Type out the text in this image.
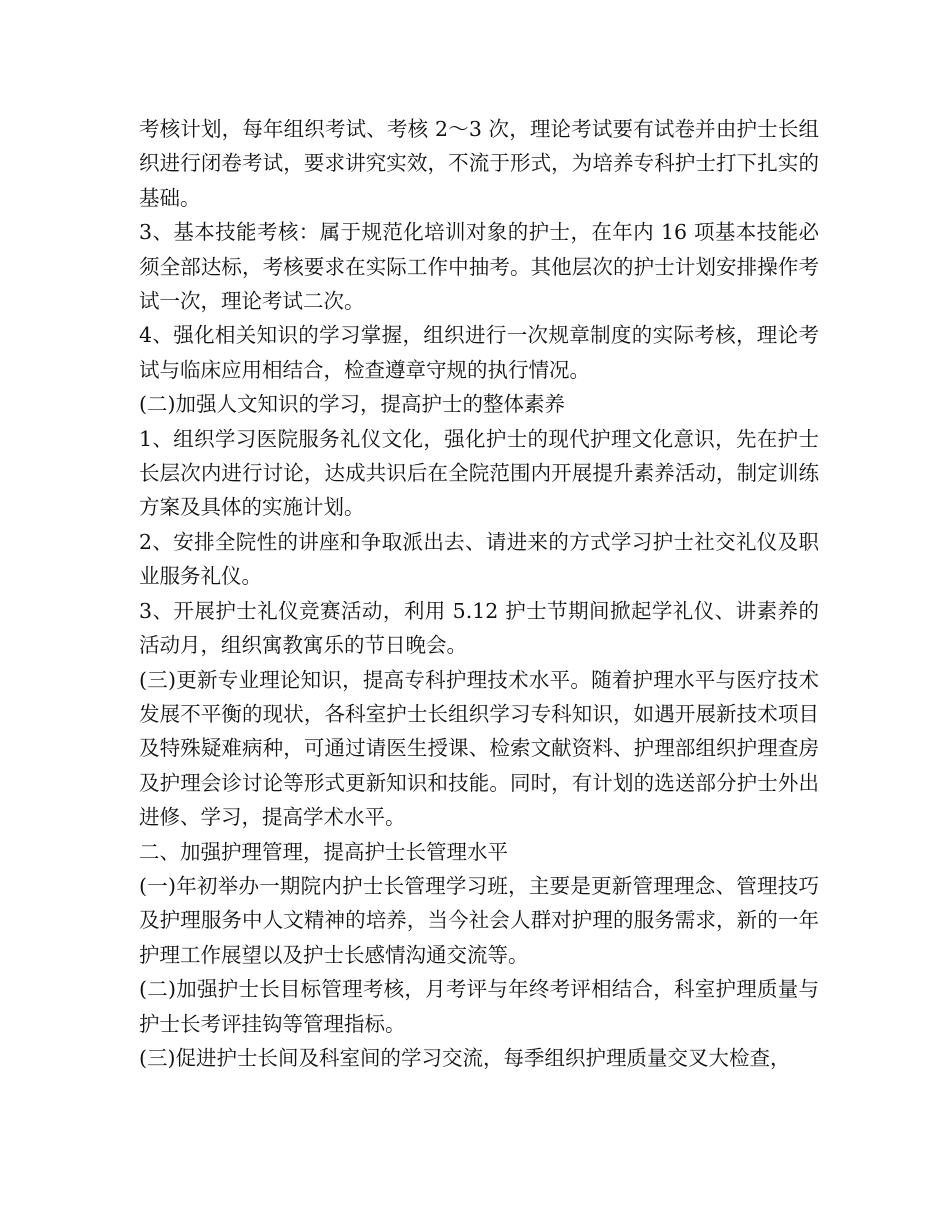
考核计划，每年组织考试、考核 2～3 次，理论考试要有试卷并由护士长组织进行闭卷考试，要求讲究实效，不流于形式，为培养专科护士打下扎实的基础。

3、基本技能考核：属于规范化培训对象的护士，在年内 16 项基本技能必须全部达标，考核要求在实际工作中抽考。其他层次的护士计划安排操作考试一次，理论考试二次。

4、强化相关知识的学习掌握，组织进行一次规章制度的实际考核，理论考试与临床应用相结合，检查遵章守规的执行情况。

(二)加强人文知识的学习，提高护士的整体素养

1、组织学习医院服务礼仪文化，强化护士的现代护理文化意识，先在护士长层次内进行讨论，达成共识后在全院范围内开展提升素养活动，制定训练方案及具体的实施计划。

2、安排全院性的讲座和争取派出去、请进来的方式学习护士社交礼仪及职业服务礼仪。

3、开展护士礼仪竞赛活动，利用 5.12 护士节期间掀起学礼仪、讲素养的活动月，组织寓教寓乐的节日晚会。

(三)更新专业理论知识，提高专科护理技术水平。随着护理水平与医疗技术发展不平衡的现状，各科室护士长组织学习专科知识，如遇开展新技术项目及特殊疑难病种，可通过请医生授课、检索文献资料、护理部组织护理查房及护理会诊讨论等形式更新知识和技能。同时，有计划的选送部分护士外出进修、学习，提高学术水平。

二、加强护理管理，提高护士长管理水平

(一)年初举办一期院内护士长管理学习班，主要是更新管理理念、管理技巧及护理服务中人文精神的培养，当今社会人群对护理的服务需求，新的一年护理工作展望以及护士长感情沟通交流等。

(二)加强护士长目标管理考核，月考评与年终考评相结合，科室护理质量与护士长考评挂钩等管理指标。

(三)促进护士长间及科室间的学习交流，每季组织护理质量交叉大检查，
